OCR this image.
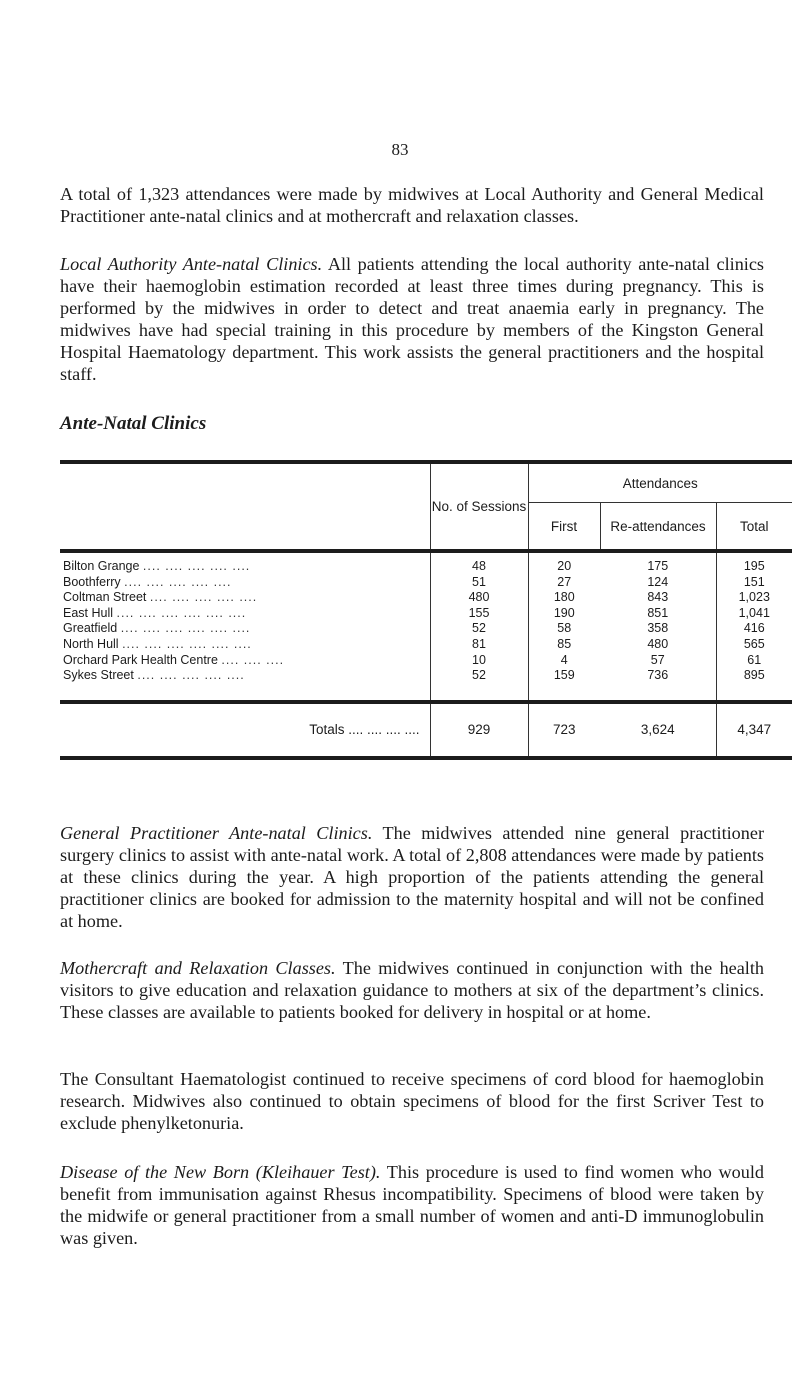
83

A total of 1,323 attendances were made by midwives at Local Authority and General Medical Practitioner ante-natal clinics and at mothercraft and relaxation classes.

Local Authority Ante-natal Clinics. All patients attending the local authority ante-natal clinics have their haemoglobin estimation recorded at least three times during pregnancy. This is performed by the midwives in order to detect and treat anaemia early in pregnancy. The midwives have had special training in this procedure by members of the Kingston General Hospital Haematology department. This work assists the general practitioners and the hospital staff.

Ante-Natal Clinics
	No. of Sessions	Attendances		
		First	Re-attendances	Total
Bilton Grange .... .... .... .... ....	48	20	175	195
Boothferry .... .... .... .... ....	51	27	124	151
Coltman Street .... .... .... .... ....	480	180	843	1,023
East Hull .... .... .... .... .... ....	155	190	851	1,041
Greatfield .... .... .... .... .... ....	52	58	358	416
North Hull .... .... .... .... .... ....	81	85	480	565
Orchard Park Health Centre .... .... ....	10	4	57	61
Sykes Street .... .... .... .... ....	52	159	736	895
Totals .... .... .... ....	929	723	3,624	4,347

General Practitioner Ante-natal Clinics. The midwives attended nine general practitioner surgery clinics to assist with ante-natal work. A total of 2,808 attendances were made by patients at these clinics during the year. A high proportion of the patients attending the general practitioner clinics are booked for admission to the maternity hospital and will not be confined at home.

Mothercraft and Relaxation Classes. The midwives continued in conjunction with the health visitors to give education and relaxation guidance to mothers at six of the department’s clinics. These classes are available to patients booked for delivery in hospital or at home.

The Consultant Haematologist continued to receive specimens of cord blood for haemoglobin research. Midwives also continued to obtain specimens of blood for the first Scriver Test to exclude phenylketonuria.

Disease of the New Born (Kleihauer Test). This procedure is used to find women who would benefit from immunisation against Rhesus incompatibility. Specimens of blood were taken by the midwife or general practitioner from a small number of women and anti-D immunoglobulin was given.
